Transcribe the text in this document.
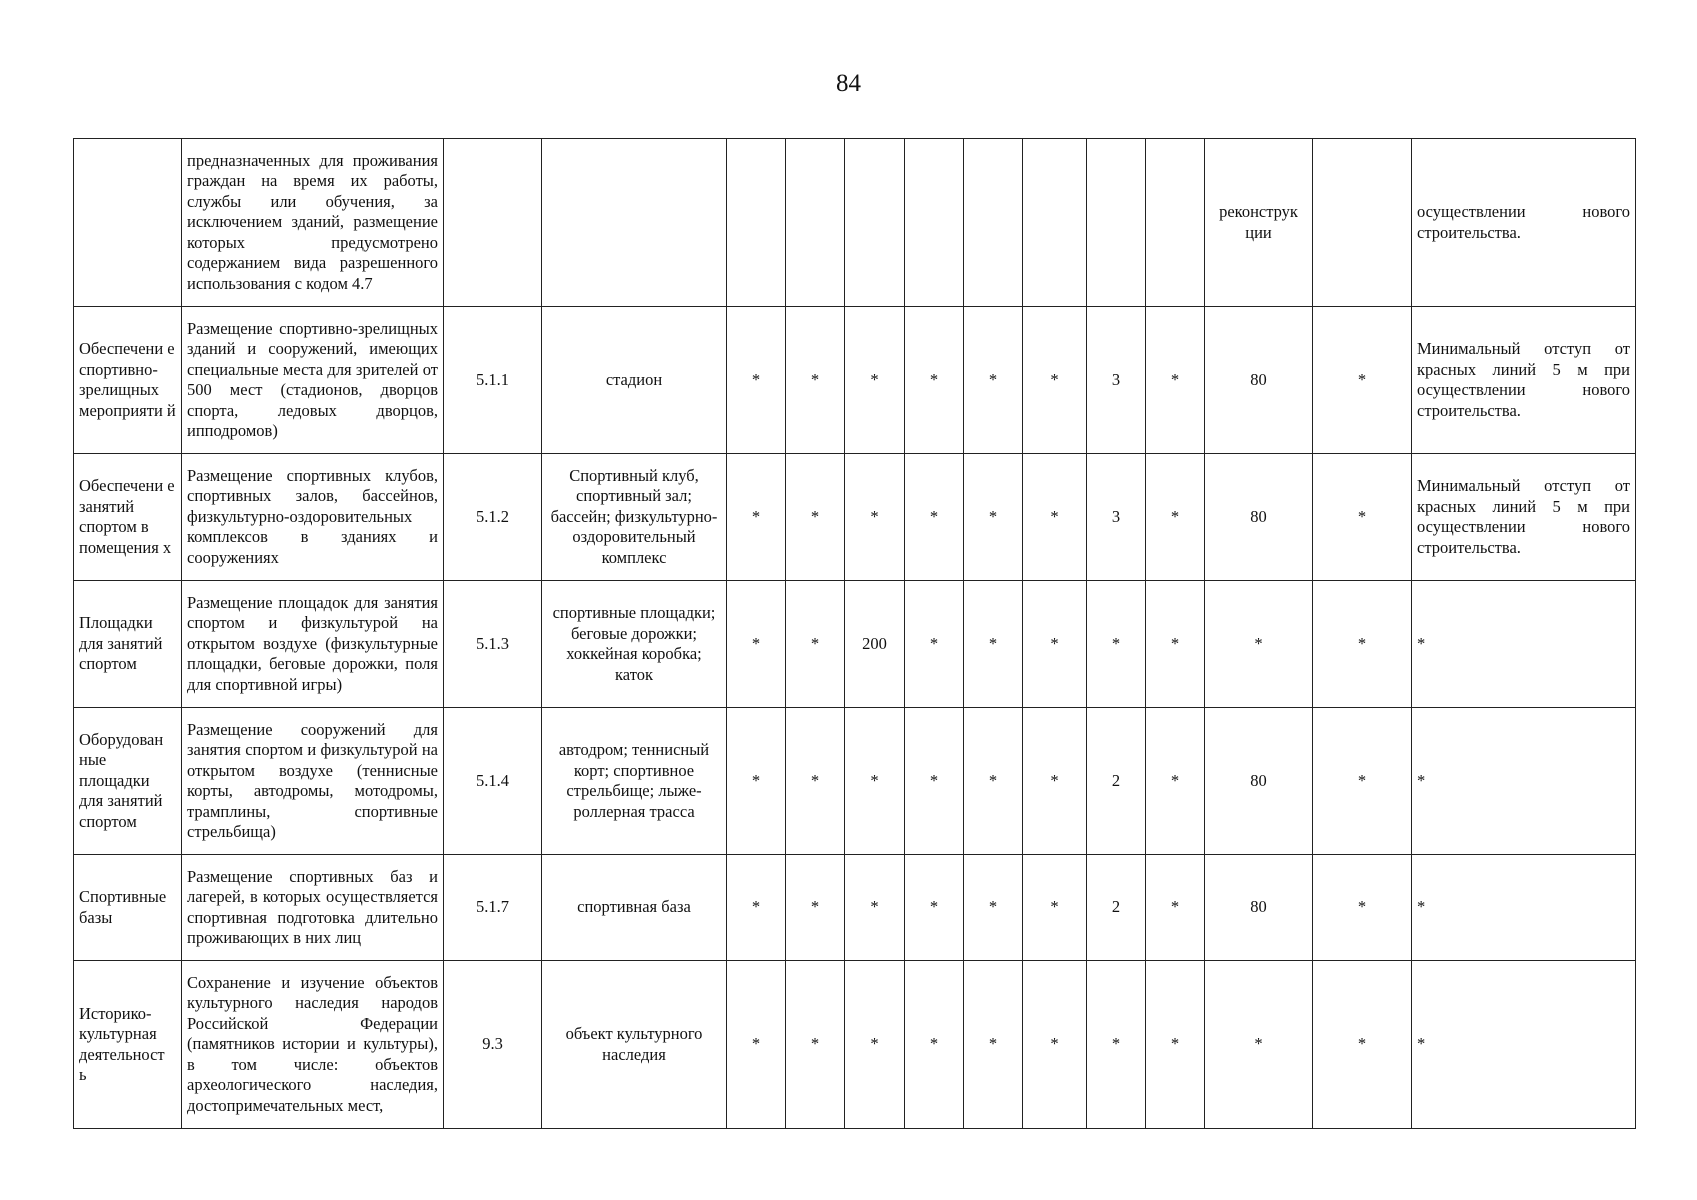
84
	предназначенных для проживания граждан на время их работы, службы или обучения, за исключением зданий, размещение которых предусмотрено содержанием вида разрешенного использования с кодом 4.7											реконструк ции		осуществлении нового строительства.
Обеспечени е спортивно-зрелищных мероприяти й	Размещение спортивно-зрелищных зданий и сооружений, имеющих специальные места для зрителей от 500 мест (стадионов, дворцов спорта, ледовых дворцов, ипподромов)	5.1.1	стадион	*	*	*	*	*	*	3	*	80	*	Минимальный отступ от красных линий 5 м при осуществлении нового строительства.
Обеспечени е занятий спортом в помещения х	Размещение спортивных клубов, спортивных залов, бассейнов, физкультурно-оздоровительных комплексов в зданиях и сооружениях	5.1.2	Спортивный клуб, спортивный зал; бассейн; физкультурно-оздоровительный комплекс	*	*	*	*	*	*	3	*	80	*	Минимальный отступ от красных линий 5 м при осуществлении нового строительства.
Площадки для занятий спортом	Размещение площадок для занятия спортом и физкультурой на открытом воздухе (физкультурные площадки, беговые дорожки, поля для спортивной игры)	5.1.3	спортивные площадки; беговые дорожки; хоккейная коробка; каток	*	*	200	*	*	*	*	*	*	*	*
Оборудован ные площадки для занятий спортом	Размещение сооружений для занятия спортом и физкультурой на открытом воздухе (теннисные корты, автодромы, мотодромы, трамплины, спортивные стрельбища)	5.1.4	автодром; теннисный корт; спортивное стрельбище; лыже-роллерная трасса	*	*	*	*	*	*	2	*	80	*	*
Спортивные базы	Размещение спортивных баз и лагерей, в которых осуществляется спортивная подготовка длительно проживающих в них лиц	5.1.7	спортивная база	*	*	*	*	*	*	2	*	80	*	*
Историко-культурная деятельност ь	Сохранение и изучение объектов культурного наследия народов Российской Федерации (памятников истории и культуры), в том числе: объектов археологического наследия, достопримечательных мест,	9.3	объект культурного наследия	*	*	*	*	*	*	*	*	*	*	*
